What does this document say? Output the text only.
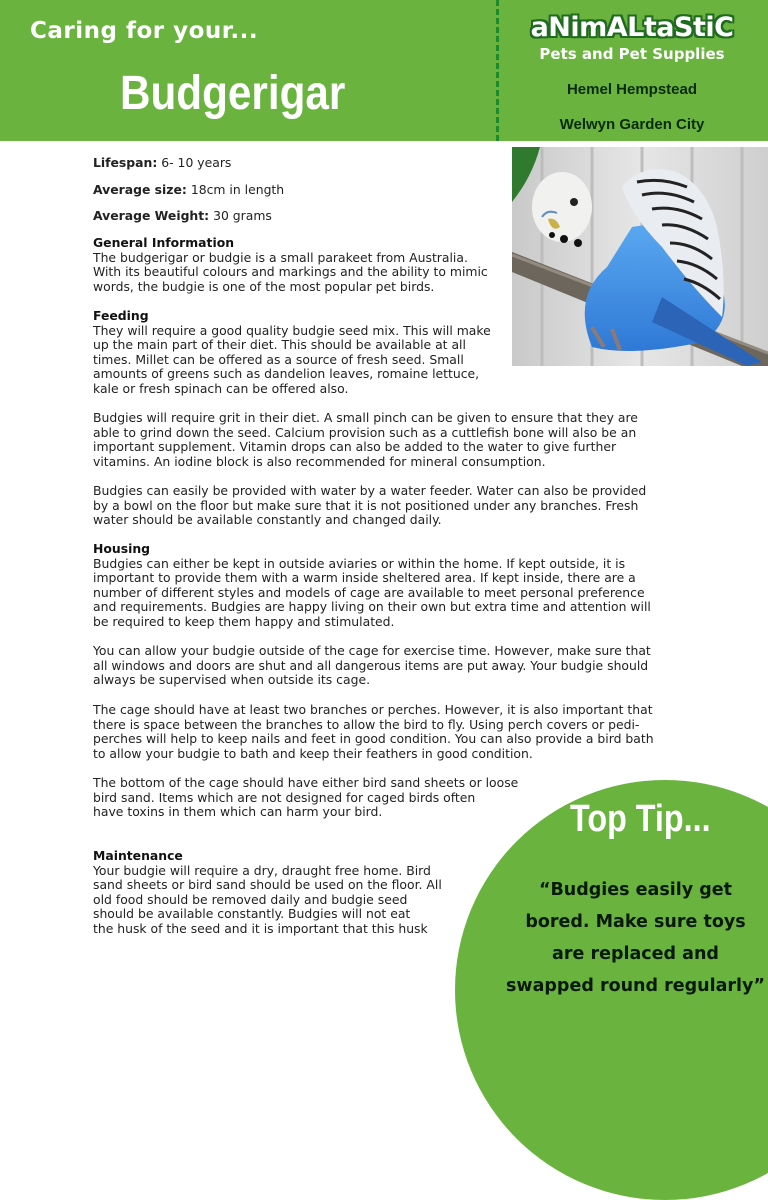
Caring for your...
Budgerigar
aNimALtaStiC
Pets and Pet Supplies
Hemel Hempstead
Welwyn Garden City
Lifespan: 6- 10 years
Average size: 18cm in length
Average Weight: 30 grams
General Information
The budgerigar or budgie is a small parakeet from Australia.
With its beautiful colours and markings and the ability to mimic
words, the budgie is one of the most popular pet birds.
Feeding
They will require a good quality budgie seed mix. This will make
up the main part of their diet. This should be available at all
times. Millet can be offered as a source of fresh seed. Small
amounts of greens such as dandelion leaves, romaine lettuce,
kale or fresh spinach can be offered also.
Budgies will require grit in their diet. A small pinch can be given to ensure that they are
able to grind down the seed. Calcium provision such as a cuttlefish bone will also be an
important supplement. Vitamin drops can also be added to the water to give further
vitamins. An iodine block is also recommended for mineral consumption.
Budgies can easily be provided with water by a water feeder. Water can also be provided
by a bowl on the floor but make sure that it is not positioned under any branches. Fresh
water should be available constantly and changed daily.
Housing
Budgies can either be kept in outside aviaries or within the home. If kept outside, it is
important to provide them with a warm inside sheltered area. If kept inside, there are a
number of different styles and models of cage are available to meet personal preference
and requirements. Budgies are happy living on their own but extra time and attention will
be required to keep them happy and stimulated.
You can allow your budgie outside of the cage for exercise time. However, make sure that
all windows and doors are shut and all dangerous items are put away. Your budgie should
always be supervised when outside its cage.
The cage should have at least two branches or perches. However, it is also important that
there is space between the branches to allow the bird to fly. Using perch covers or pedi-
perches will help to keep nails and feet in good condition. You can also provide a bird bath
to allow your budgie to bath and keep their feathers in good condition.
The bottom of the cage should have either bird sand sheets or loose
bird sand. Items which are not designed for caged birds often
have toxins in them which can harm your bird.
Maintenance
Your budgie will require a dry, draught free home. Bird
sand sheets or bird sand should be used on the floor. All
old food should be removed daily and budgie seed
should be available constantly. Budgies will not eat
the husk of the seed and it is important that this husk
Top Tip...
“Budgies easily get
bored. Make sure toys
are replaced and
swapped round regularly”
